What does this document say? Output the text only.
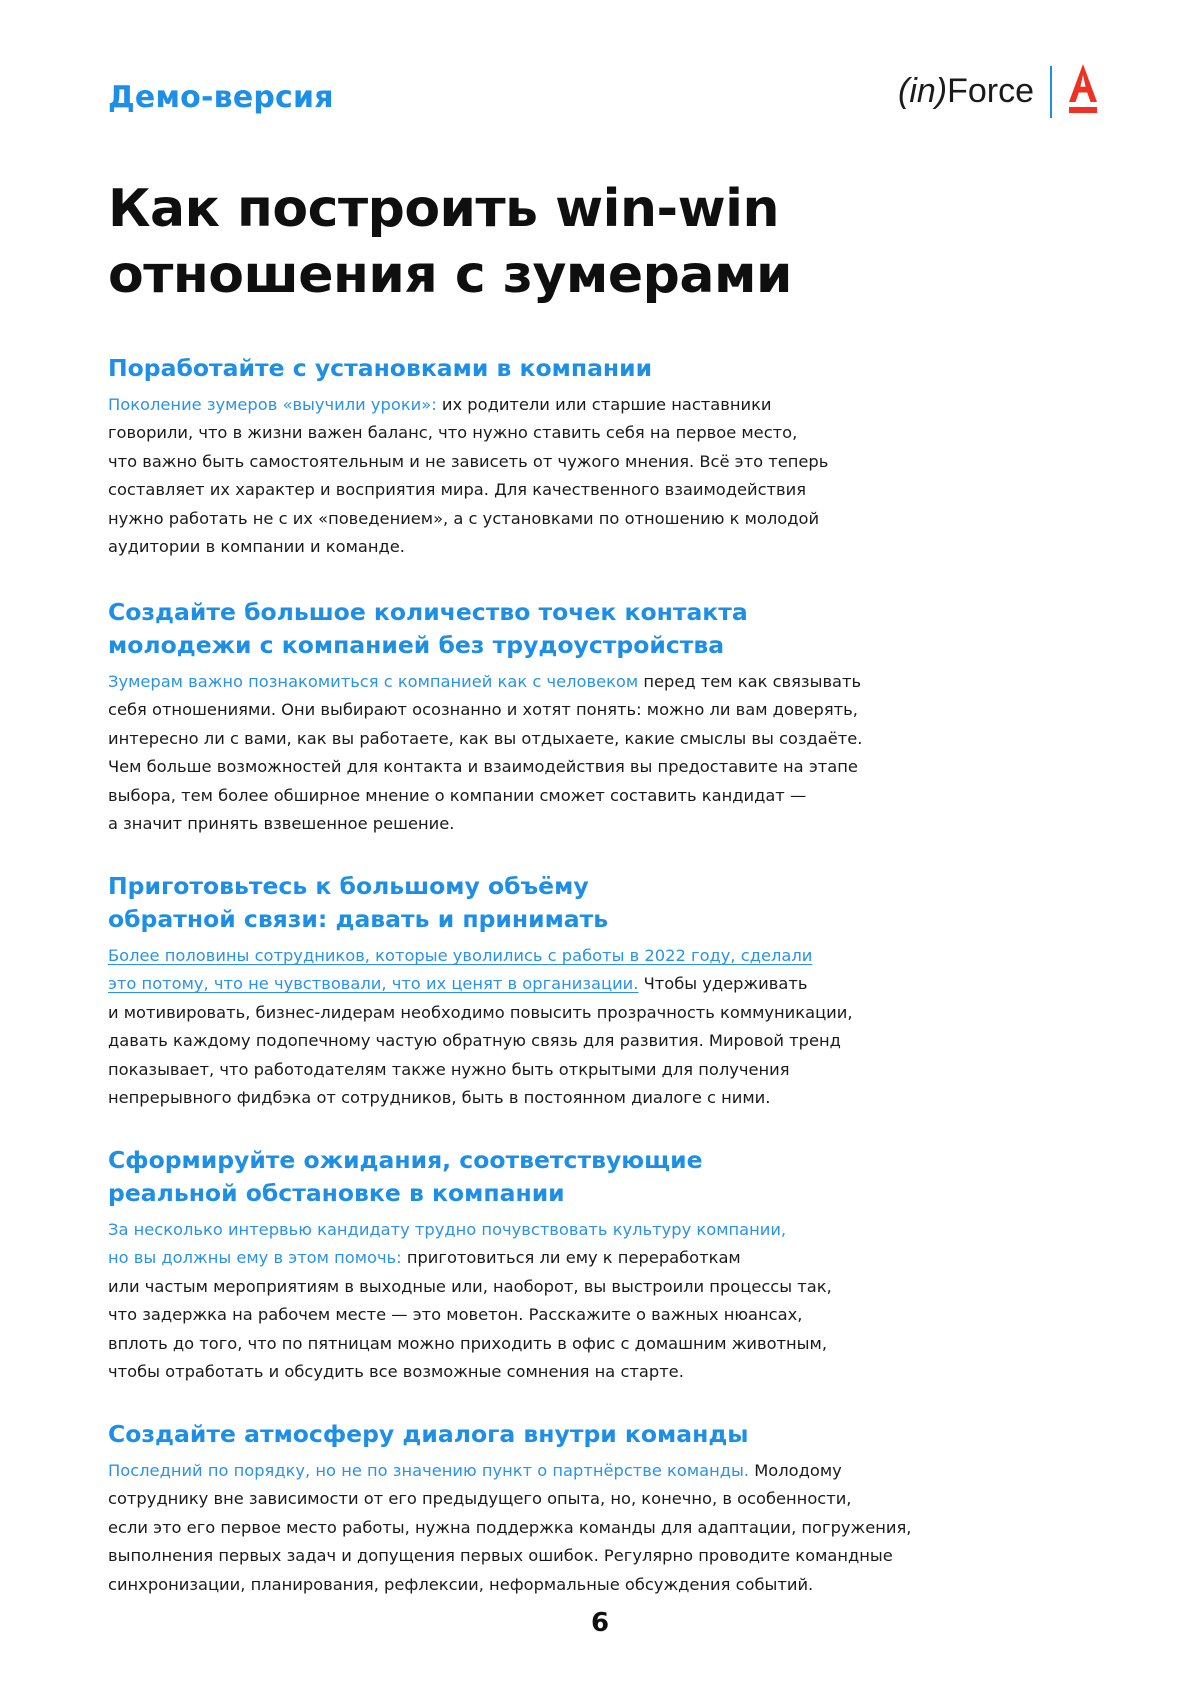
Демо-версия	(in)Force
Как построить win-win
отношения с зумерами
Поработайте с установками в компании

Поколение зумеров «выучили уроки»: их родители или старшие наставники
говорили, что в жизни важен баланс, что нужно ставить себя на первое место,
что важно быть самостоятельным и не зависеть от чужого мнения. Всё это теперь
составляет их характер и восприятия мира. Для качественного взаимодействия
нужно работать не с их «поведением», а с установками по отношению к молодой
аудитории в компании и команде.

Создайте большое количество точек контакта
молодежи с компанией без трудоустройства

Зумерам важно познакомиться с компанией как с человеком перед тем как связывать
себя отношениями. Они выбирают осознанно и хотят понять: можно ли вам доверять,
интересно ли с вами, как вы работаете, как вы отдыхаете, какие смыслы вы создаёте.
Чем больше возможностей для контакта и взаимодействия вы предоставите на этапе
выбора, тем более обширное мнение о компании сможет составить кандидат —
а значит принять взвешенное решение.

Приготовьтесь к большому объёму
обратной связи: давать и принимать

Более половины сотрудников, которые уволились с работы в 2022 году, сделали
это потому, что не чувствовали, что их ценят в организации. Чтобы удерживать
и мотивировать, бизнес-лидерам необходимо повысить прозрачность коммуникации,
давать каждому подопечному частую обратную связь для развития. Мировой тренд
показывает, что работодателям также нужно быть открытыми для получения
непрерывного фидбэка от сотрудников, быть в постоянном диалоге с ними.

Сформируйте ожидания, соответствующие
реальной обстановке в компании

За несколько интервью кандидату трудно почувствовать культуру компании,
но вы должны ему в этом помочь: приготовиться ли ему к переработкам
или частым мероприятиям в выходные или, наоборот, вы выстроили процессы так,
что задержка на рабочем месте — это моветон. Расскажите о важных нюансах,
вплоть до того, что по пятницам можно приходить в офис с домашним животным,
чтобы отработать и обсудить все возможные сомнения на старте.

Создайте атмосферу диалога внутри команды

Последний по порядку, но не по значению пункт о партнёрстве команды. Молодому
сотруднику вне зависимости от его предыдущего опыта, но, конечно, в особенности,
если это его первое место работы, нужна поддержка команды для адаптации, погружения,
выполнения первых задач и допущения первых ошибок. Регулярно проводите командные
синхронизации, планирования, рефлексии, неформальные обсуждения событий.

6
